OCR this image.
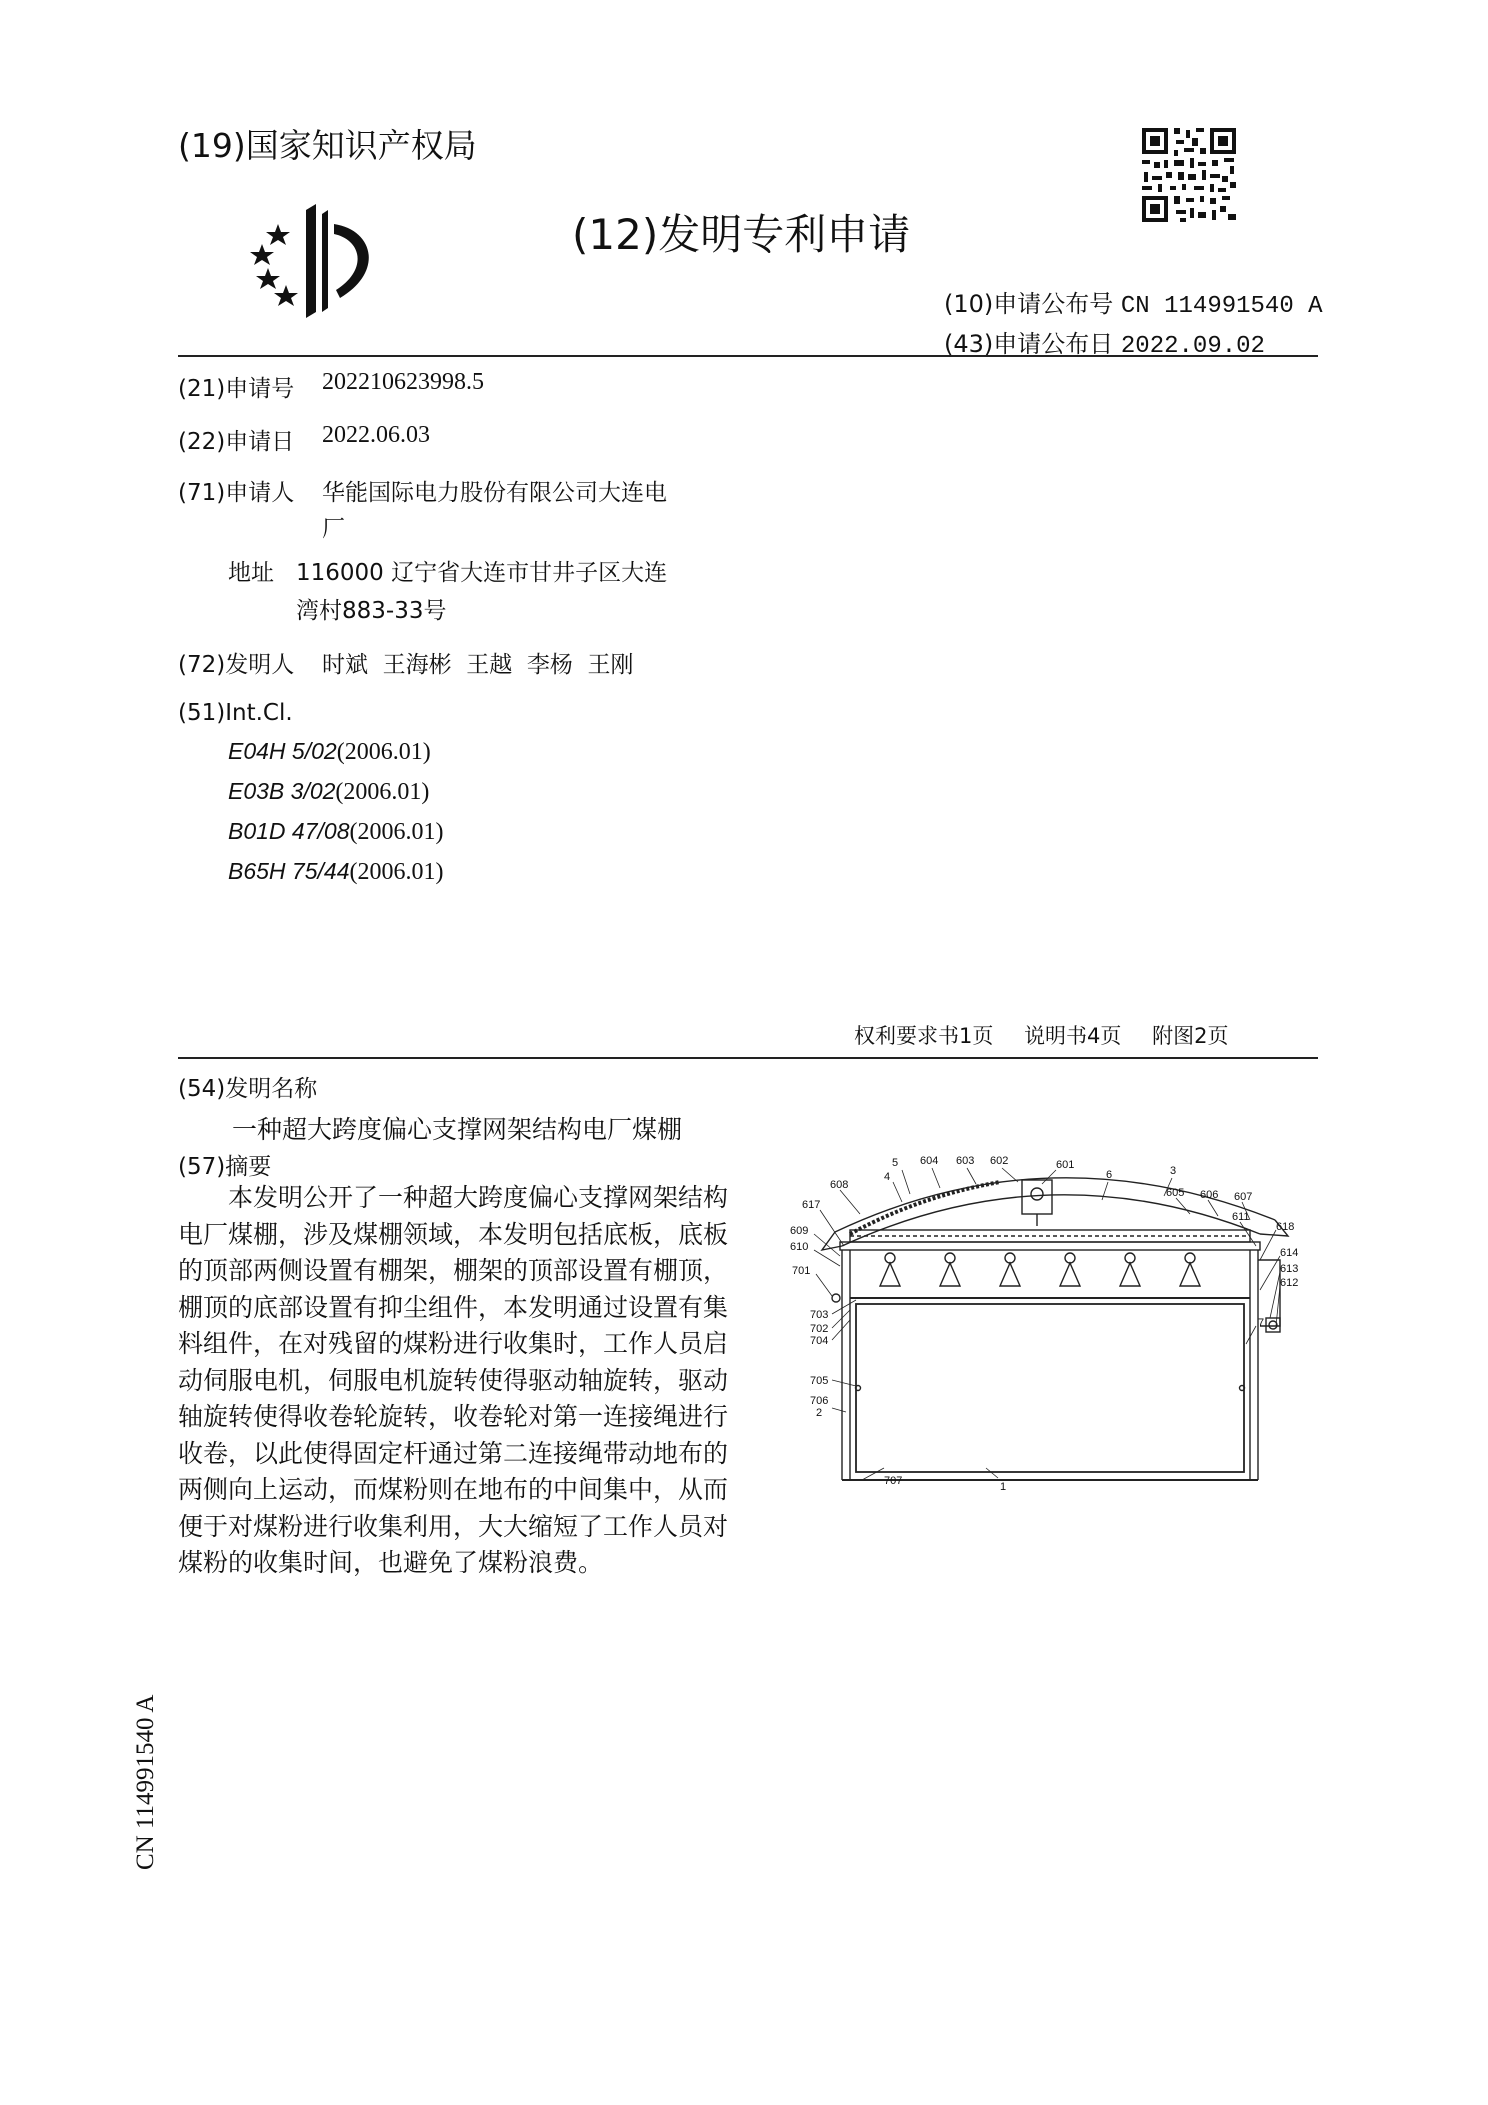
(19)国家知识产权局
(12)发明专利申请
(10)申请公布号 CN 114991540 A
(43)申请公布日 2022.09.02
(21)申请号 202210623998.5
(22)申请日 2022.06.03
(71)申请人 华能国际电力股份有限公司大连电
厂
地址 116000 辽宁省大连市甘井子区大连
湾村883-33号
(72)发明人 时斌  王海彬  王越  李杨  王刚
(51)Int.Cl.
E04H 5/02(2006.01)
E03B 3/02(2006.01)
B01D 47/08(2006.01)
B65H 75/44(2006.01)
权利要求书1页 说明书4页 附图2页
(54)发明名称
一种超大跨度偏心支撑网架结构电厂煤棚
(57)摘要

本发明公开了一种超大跨度偏心支撑网架结构电厂煤棚，涉及煤棚领域，本发明包括底板，底板的顶部两侧设置有棚架，棚架的顶部设置有棚顶，棚顶的底部设置有抑尘组件，本发明通过设置有集料组件，在对残留的煤粉进行收集时，工作人员启动伺服电机，伺服电机旋转使得驱动轴旋转，驱动轴旋转使得收卷轮旋转，收卷轮对第一连接绳进行收卷，以此使得固定杆通过第二连接绳带动地布的两侧向上运动，而煤粉则在地布的中间集中，从而便于对煤粉进行收集利用，大大缩短了工作人员对煤粉的收集时间，也避免了煤粉浪费。

5 604 603 602	601
4	6	3
608
605 606 607
617
611
618
609
610	614
613
612
701
703
702
704
7
705
706
2
707	1
CN 114991540 A
